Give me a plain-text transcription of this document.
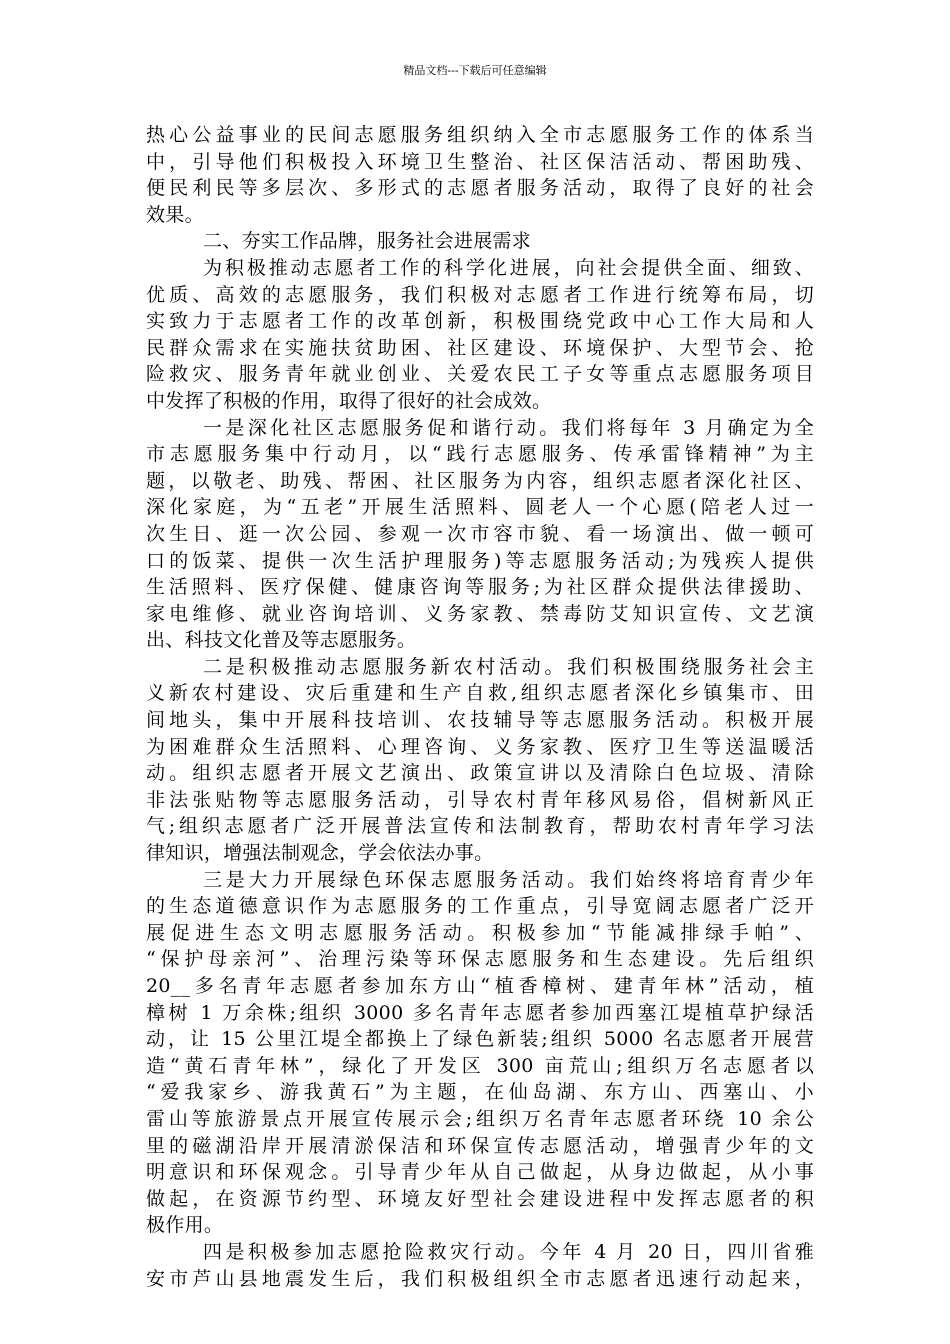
精品文档---下载后可任意编辑
热心公益事业的民间志愿服务组织纳入全市志愿服务工作的体系当
中，引导他们积极投入环境卫生整治、社区保洁活动、帮困助残、
便民利民等多层次、多形式的志愿者服务活动，取得了良好的社会
效果。
二、夯实工作品牌，服务社会进展需求
为积极推动志愿者工作的科学化进展，向社会提供全面、细致、
优质、高效的志愿服务，我们积极对志愿者工作进行统筹布局，切
实致力于志愿者工作的改革创新，积极围绕党政中心工作大局和人
民群众需求在实施扶贫助困、社区建设、环境保护、大型节会、抢
险救灾、服务青年就业创业、关爱农民工子女等重点志愿服务项目
中发挥了积极的作用，取得了很好的社会成效。
一是深化社区志愿服务促和谐行动。我们将每年 3 月确定为全
市志愿服务集中行动月，以“践行志愿服务、传承雷锋精神”为主
题，以敬老、助残、帮困、社区服务为内容，组织志愿者深化社区、
深化家庭，为“五老”开展生活照料、圆老人一个心愿(陪老人过一
次生日、逛一次公园、参观一次市容市貌、看一场演出、做一顿可
口的饭菜、提供一次生活护理服务)等志愿服务活动;为残疾人提供
生活照料、医疗保健、健康咨询等服务;为社区群众提供法律援助、
家电维修、就业咨询培训、义务家教、禁毒防艾知识宣传、文艺演
出、科技文化普及等志愿服务。
二是积极推动志愿服务新农村活动。我们积极围绕服务社会主
义新农村建设、灾后重建和生产自救,组织志愿者深化乡镇集市、田
间地头，集中开展科技培训、农技辅导等志愿服务活动。积极开展
为困难群众生活照料、心理咨询、义务家教、医疗卫生等送温暖活
动。组织志愿者开展文艺演出、政策宣讲以及清除白色垃圾、清除
非法张贴物等志愿服务活动，引导农村青年移风易俗，倡树新风正
气;组织志愿者广泛开展普法宣传和法制教育，帮助农村青年学习法
律知识，增强法制观念，学会依法办事。
三是大力开展绿色环保志愿服务活动。我们始终将培育青少年
的生态道德意识作为志愿服务的工作重点，引导宽阔志愿者广泛开
展促进生态文明志愿服务活动。积极参加“节能减排绿手帕”、
“保护母亲河”、治理污染等环保志愿服务和生态建设。先后组织
20__多名青年志愿者参加东方山“植香樟树、建青年林”活动，植
樟树 1 万余株;组织 3000 多名青年志愿者参加西塞江堤植草护绿活
动，让 15 公里江堤全都换上了绿色新装;组织 5000 名志愿者开展营
造“黄石青年林”，绿化了开发区 300 亩荒山;组织万名志愿者以
“爱我家乡、游我黄石”为主题，在仙岛湖、东方山、西塞山、小
雷山等旅游景点开展宣传展示会;组织万名青年志愿者环绕 10 余公
里的磁湖沿岸开展清淤保洁和环保宣传志愿活动，增强青少年的文
明意识和环保观念。引导青少年从自己做起，从身边做起，从小事
做起，在资源节约型、环境友好型社会建设进程中发挥志愿者的积
极作用。
四是积极参加志愿抢险救灾行动。今年 4 月 20 日，四川省雅
安市芦山县地震发生后，我们积极组织全市志愿者迅速行动起来，
